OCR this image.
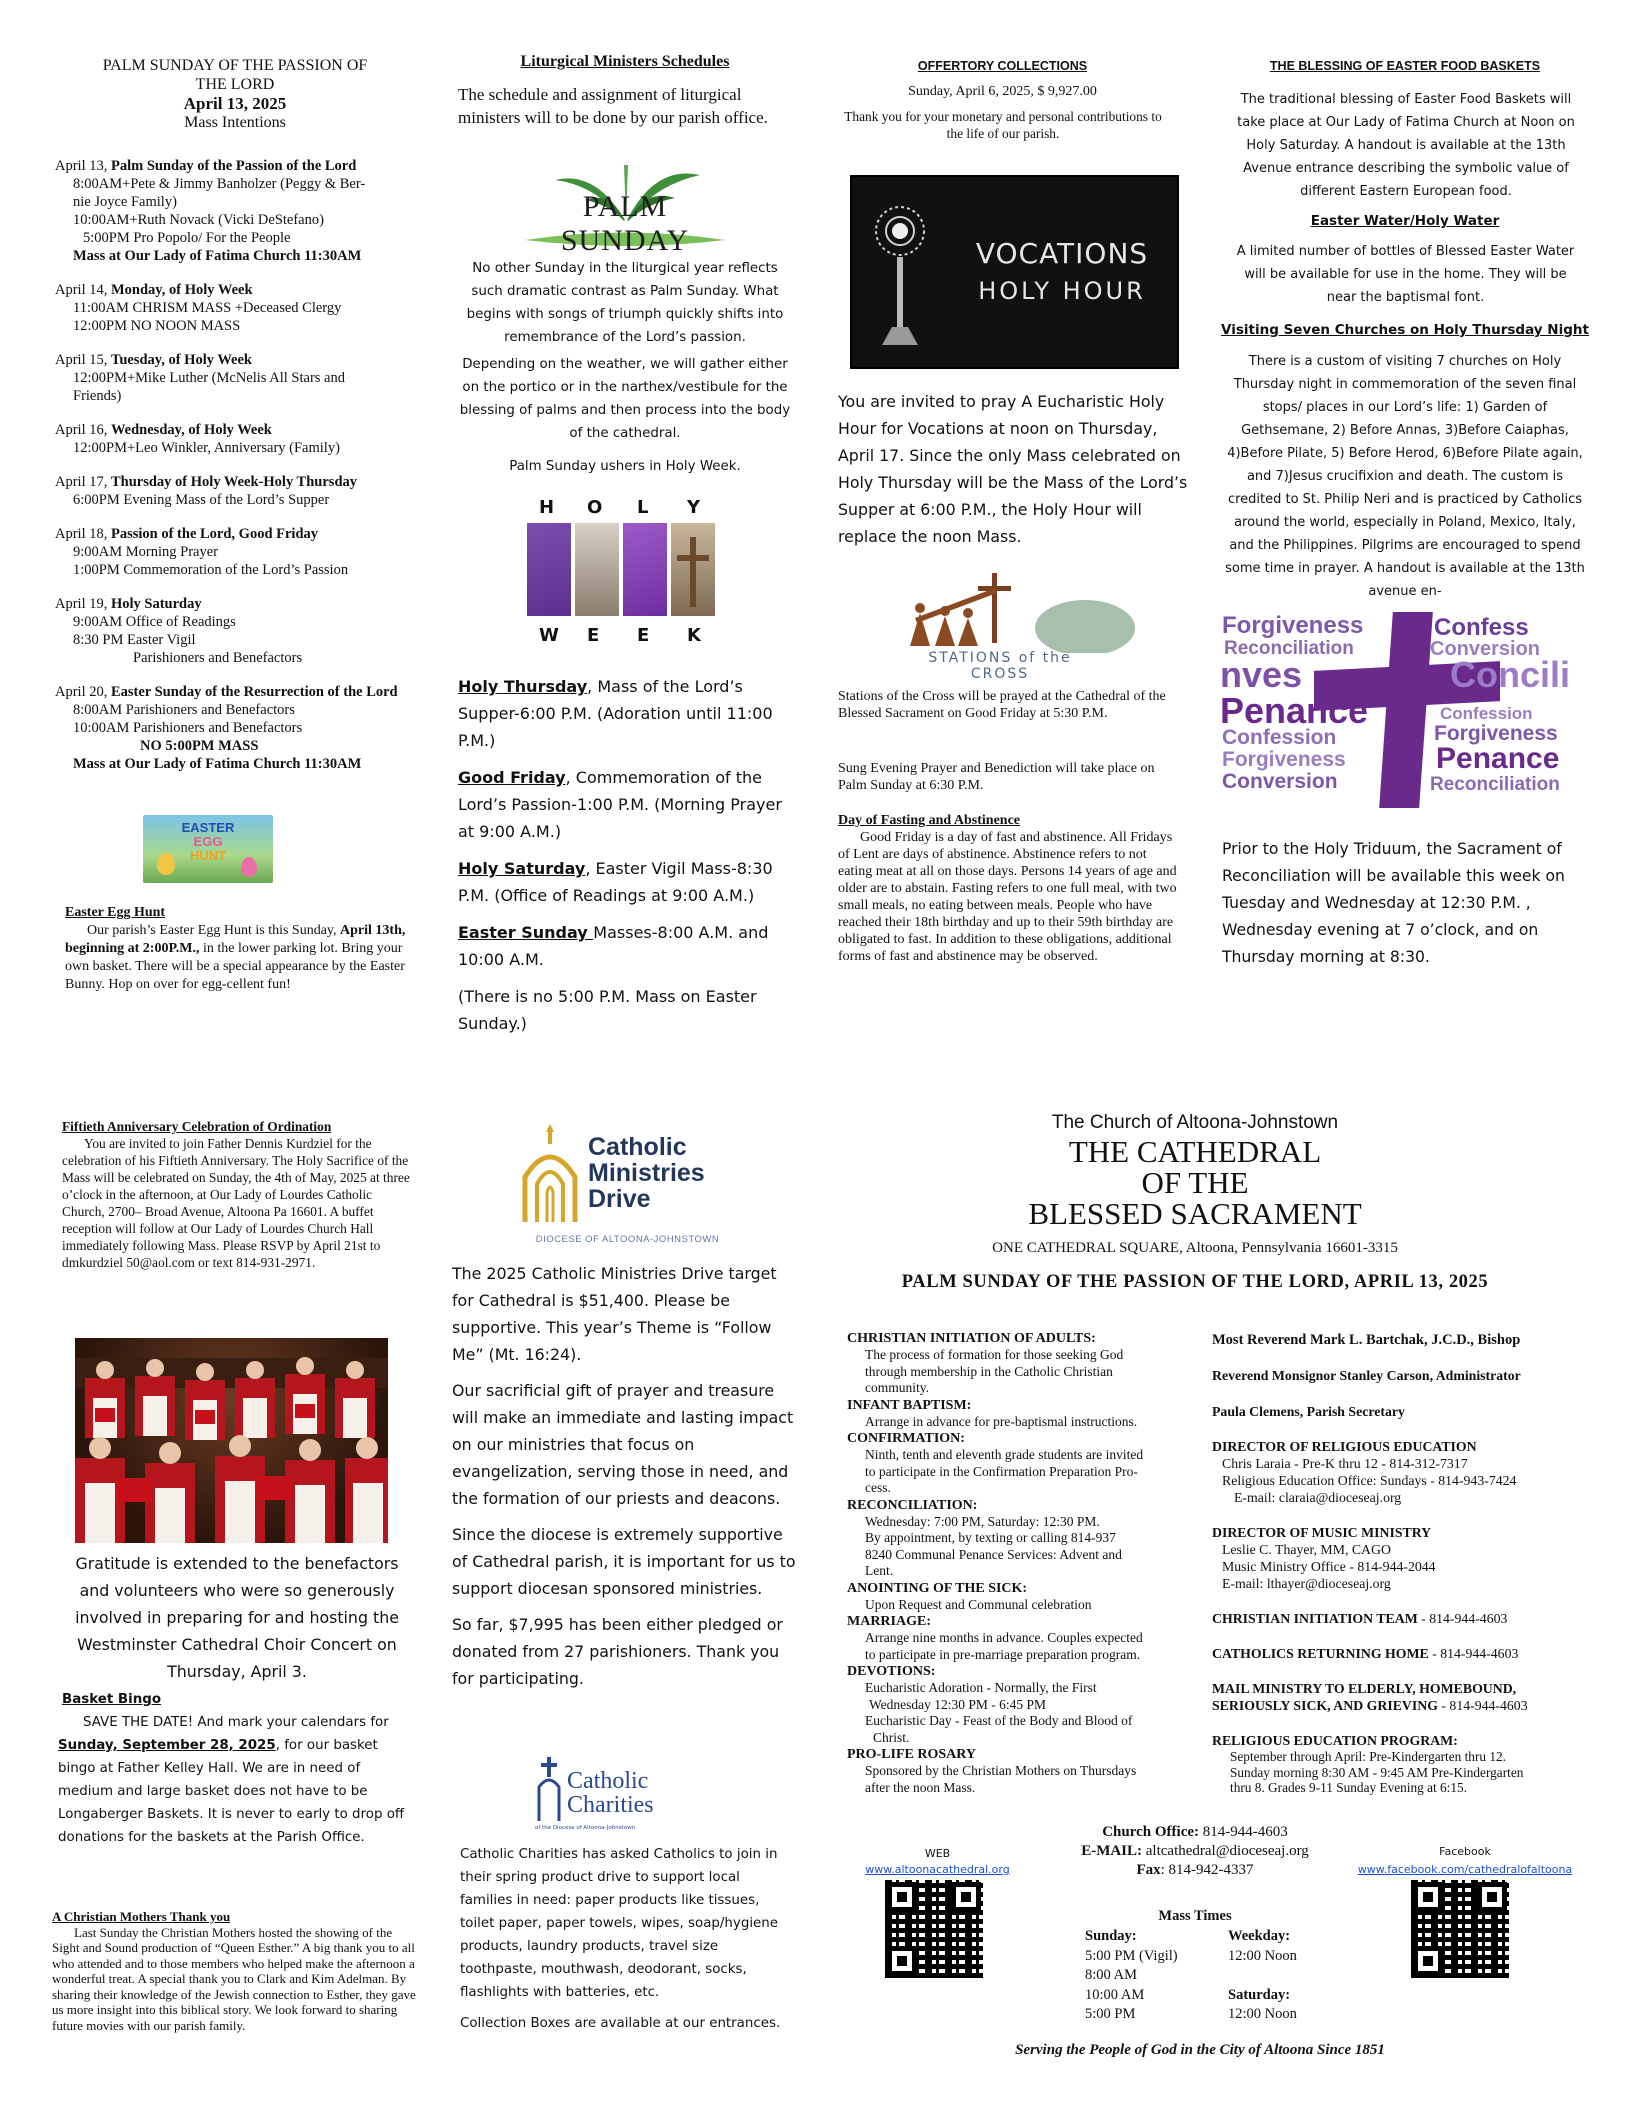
PALM SUNDAY OF THE PASSION OF
THE LORD
April 13, 2025
Mass Intentions
April 13, Palm Sunday of the Passion of the Lord
8:00AM+Pete & Jimmy Banholzer (Peggy & Ber-
nie Joyce Family)
10:00AM+Ruth Novack (Vicki DeStefano)
5:00PM Pro Popolo/ For the People
Mass at Our Lady of Fatima Church 11:30AM
April 14, Monday, of Holy Week
11:00AM CHRISM MASS +Deceased Clergy
12:00PM NO NOON MASS
April 15, Tuesday, of Holy Week
12:00PM+Mike Luther (McNelis All Stars and
Friends)
April 16, Wednesday, of Holy Week
12:00PM+Leo Winkler, Anniversary (Family)
April 17, Thursday of Holy Week-Holy Thursday
6:00PM Evening Mass of the Lord’s Supper
April 18, Passion of the Lord, Good Friday
9:00AM Morning Prayer
1:00PM Commemoration of the Lord’s Passion
April 19, Holy Saturday
9:00AM Office of Readings
8:30 PM Easter Vigil
Parishioners and Benefactors
April 20, Easter Sunday of the Resurrection of the Lord
8:00AM Parishioners and Benefactors
10:00AM Parishioners and Benefactors
NO 5:00PM MASS
Mass at Our Lady of Fatima Church 11:30AM
EASTER
EGG
HUNT
Easter Egg Hunt
Our parish’s Easter Egg Hunt is this Sunday, April 13th, beginning at 2:00P.M., in the lower parking lot. Bring your own basket. There will be a special appearance by the Easter Bunny. Hop on over for egg-cellent fun!
Liturgical Ministers Schedules
The schedule and assignment of liturgical ministers will to be done by our parish office.
PALM SUNDAY

No other Sunday in the liturgical year reflects such dramatic contrast as Palm Sunday. What begins with songs of triumph quickly shifts into remembrance of the Lord’s passion.

Depending on the weather, we will gather either on the portico or in the narthex/vestibule for the blessing of palms and then process into the body of the cathedral.

Palm Sunday ushers in Holy Week.

H O L Y
W E E K

Holy Thursday, Mass of the Lord’s Supper-6:00 P.M. (Adoration until 11:00 P.M.)

Good Friday, Commemoration of the Lord’s Passion-1:00 P.M. (Morning Prayer at 9:00 A.M.)

Holy Saturday, Easter Vigil Mass-8:30 P.M. (Office of Readings at 9:00 A.M.)

Easter Sunday Masses-8:00 A.M. and 10:00 A.M.

(There is no 5:00 P.M. Mass on Easter Sunday.)

OFFERTORY COLLECTIONS
Sunday, April 6, 2025, $ 9,927.00
Thank you for your monetary and personal contributions to the life of our parish.
VOCATIONS
HOLY HOUR
You are invited to pray A Eucharistic Holy Hour for Vocations at noon on Thursday, April 17. Since the only Mass celebrated on Holy Thursday will be the Mass of the Lord’s Supper at 6:00 P.M., the Holy Hour will replace the noon Mass.
STATIONS of the CROSS
Stations of the Cross will be prayed at the Cathedral of the Blessed Sacrament on Good Friday at 5:30 P.M.
Sung Evening Prayer and Benediction will take place on Palm Sunday at 6:30 P.M.
Day of Fasting and Abstinence
Good Friday is a day of fast and abstinence. All Fridays of Lent are days of abstinence. Abstinence refers to not eating meat at all on those days. Persons 14 years of age and older are to abstain. Fasting refers to one full meal, with two small meals, no eating between meals. People who have reached their 18th birthday and up to their 59th birthday are obligated to fast. In addition to these obligations, additional forms of fast and abstinence may be observed.
THE BLESSING OF EASTER FOOD BASKETS
The traditional blessing of Easter Food Baskets will take place at Our Lady of Fatima Church at Noon on Holy Saturday. A handout is available at the 13th Avenue entrance describing the symbolic value of different Eastern European food.
Easter Water/Holy Water
A limited number of bottles of Blessed Easter Water will be available for use in the home. They will be near the baptismal font.
Visiting Seven Churches on Holy Thursday Night
There is a custom of visiting 7 churches on Holy Thursday night in commemoration of the seven final stops/ places in our Lord’s life: 1) Garden of Gethsemane, 2) Before Annas, 3)Before Caiaphas, 4)Before Pilate, 5) Before Herod, 6)Before Pilate again, and 7)Jesus crucifixion and death. The custom is credited to St. Philip Neri and is practiced by Catholics around the world, especially in Poland, Mexico, Italy, and the Philippines. Pilgrims are encouraged to spend some time in prayer. A handout is available at the 13th avenue en-
Forgiveness	Confess
Reconciliation	Conversion
nves	Concili
Penance	Confession
Confession	Forgiveness
Forgiveness	Penance
Conversion	Reconciliation
Prior to the Holy Triduum, the Sacrament of Reconciliation will be available this week on Tuesday and Wednesday at 12:30 P.M. , Wednesday evening at 7 o’clock, and on Thursday morning at 8:30.
Fiftieth Anniversary Celebration of Ordination
You are invited to join Father Dennis Kurdziel for the celebration of his Fiftieth Anniversary. The Holy Sacrifice of the Mass will be celebrated on Sunday, the 4th of May, 2025 at three o’clock in the afternoon, at Our Lady of Lourdes Catholic Church, 2700– Broad Avenue, Altoona Pa 16601. A buffet reception will follow at Our Lady of Lourdes Church Hall immediately following Mass. Please RSVP by April 21st to dmkurdziel 50@aol.com or text 814-931-2971.
Gratitude is extended to the benefactors and volunteers who were so generously involved in preparing for and hosting the Westminster Cathedral Choir Concert on Thursday, April 3.
Basket Bingo
SAVE THE DATE! And mark your calendars for Sunday, September 28, 2025, for our basket bingo at Father Kelley Hall. We are in need of medium and large basket does not have to be Longaberger Baskets. It is never to early to drop off donations for the baskets at the Parish Office.
A Christian Mothers Thank you
Last Sunday the Christian Mothers hosted the showing of the Sight and Sound production of “Queen Esther.” A big thank you to all who attended and to those members who helped make the afternoon a wonderful treat. A special thank you to Clark and Kim Adelman. By sharing their knowledge of the Jewish connection to Esther, they gave us more insight into this biblical story. We look forward to sharing future movies with our parish family.
Catholic
Ministries
Drive
DIOCESE OF ALTOONA-JOHNSTOWN

The 2025 Catholic Ministries Drive target for Cathedral is $51,400. Please be supportive. This year’s Theme is “Follow Me” (Mt. 16:24).

Our sacrificial gift of prayer and treasure will make an immediate and lasting impact on our ministries that focus on evangelization, serving those in need, and the formation of our priests and deacons.

Since the diocese is extremely supportive of Cathedral parish, it is important for us to support diocesan sponsored ministries.

So far, $7,995 has been either pledged or donated from 27 parishioners. Thank you for participating.

Catholic
Charities
of the Diocese of Altoona-Johnstown

Catholic Charities has asked Catholics to join in their spring product drive to support local families in need: paper products like tissues, toilet paper, paper towels, wipes, soap/hygiene products, laundry products, travel size toothpaste, mouthwash, deodorant, socks, flashlights with batteries, etc.

Collection Boxes are available at our entrances.

The Church of Altoona-Johnstown
THE CATHEDRAL
OF THE
BLESSED SACRAMENT
ONE CATHEDRAL SQUARE, Altoona, Pennsylvania 16601-3315
PALM SUNDAY OF THE PASSION OF THE LORD, APRIL 13, 2025
CHRISTIAN INITIATION OF ADULTS:
The process of formation for those seeking God
through membership in the Catholic Christian
community.
INFANT BAPTISM:
Arrange in advance for pre-baptismal instructions.
CONFIRMATION:
Ninth, tenth and eleventh grade students are invited
to participate in the Confirmation Preparation Pro-
cess.
RECONCILIATION:
Wednesday: 7:00 PM, Saturday: 12:30 PM.
By appointment, by texting or calling 814-937
8240 Communal Penance Services: Advent and
Lent.
ANOINTING OF THE SICK:
Upon Request and Communal celebration
MARRIAGE:
Arrange nine months in advance. Couples expected
to participate in pre-marriage preparation program.
DEVOTIONS:
Eucharistic Adoration - Normally, the First
Wednesday 12:30 PM - 6:45 PM
Eucharistic Day - Feast of the Body and Blood of
Christ.
PRO-LIFE ROSARY
Sponsored by the Christian Mothers on Thursdays
after the noon Mass.
Most Reverend Mark L. Bartchak, J.C.D., Bishop
Reverend Monsignor Stanley Carson, Administrator
Paula Clemens, Parish Secretary
DIRECTOR OF RELIGIOUS EDUCATION
Chris Laraia - Pre-K thru 12 - 814-312-7317
Religious Education Office: Sundays - 814-943-7424
E-mail: claraia@dioceseaj.org
DIRECTOR OF MUSIC MINISTRY
Leslie C. Thayer, MM, CAGO
Music Ministry Office - 814-944-2044
E-mail: lthayer@dioceseaj.org
CHRISTIAN INITIATION TEAM - 814-944-4603
CATHOLICS RETURNING HOME - 814-944-4603
MAIL MINISTRY TO ELDERLY, HOMEBOUND,
SERIOUSLY SICK, AND GRIEVING - 814-944-4603
RELIGIOUS EDUCATION PROGRAM:
September through April: Pre-Kindergarten thru 12.
Sunday morning 8:30 AM - 9:45 AM Pre-Kindergarten
thru 8. Grades 9-11 Sunday Evening at 6:15.
Church Office: 814-944-4603
E-MAIL: altcathedral@dioceseaj.org
Fax: 814-942-4337
WEB
www.altoonacathedral.org
Facebook
www.facebook.com/cathedralofaltoona
Mass Times
Sunday:
5:00 PM (Vigil)
8:00 AM
10:00 AM
5:00 PM
Weekday:
12:00 Noon
Saturday:
12:00 Noon
Serving the People of God in the City of Altoona Since 1851
